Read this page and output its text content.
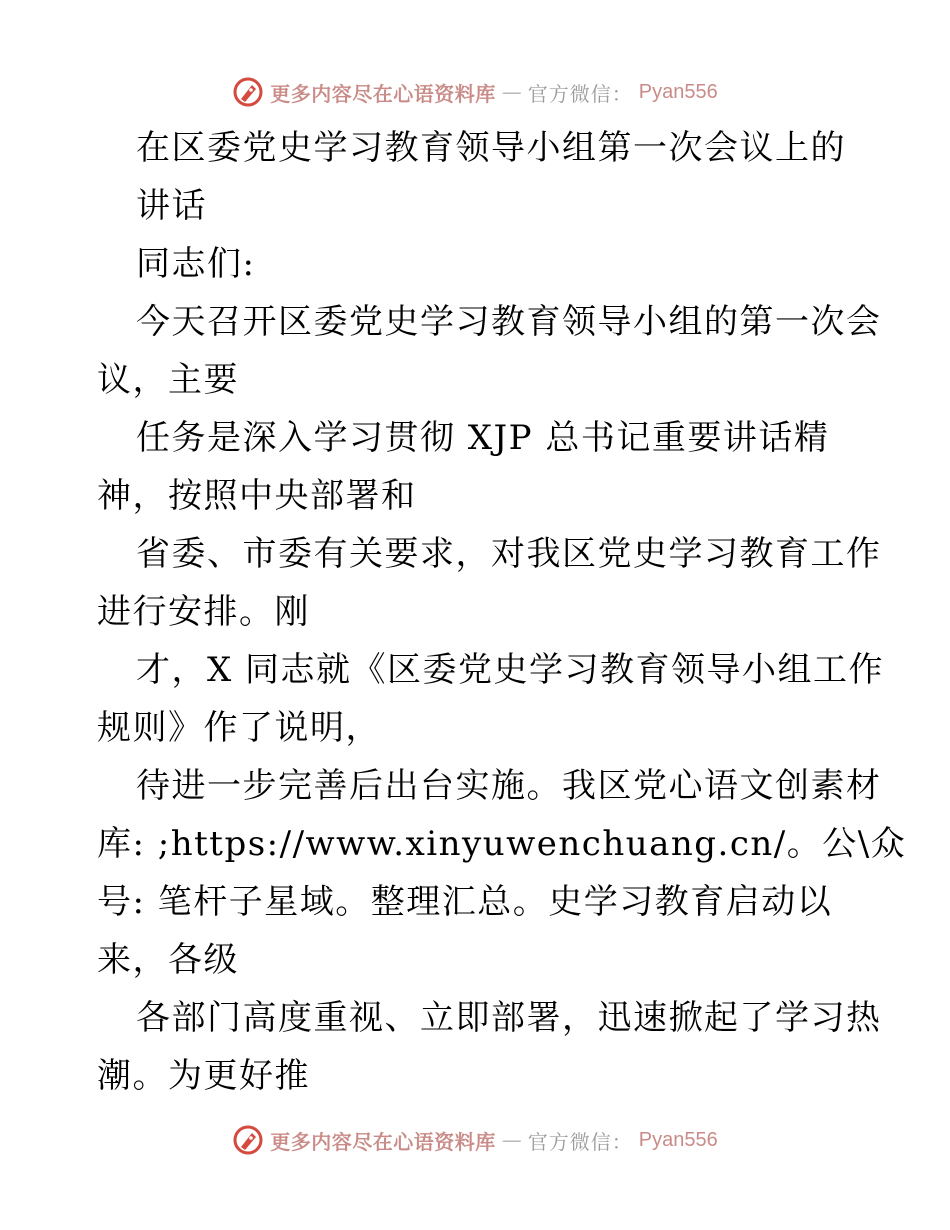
更多内容尽在心语资料库 — 官方微信： Pyan556
在区委党史学习教育领导小组第一次会议上的
讲话
同志们:
今天召开区委党史学习教育领导小组的第一次会
议，主要
任务是深入学习贯彻 XJP 总书记重要讲话精
神，按照中央部署和
省委、市委有关要求，对我区党史学习教育工作
进行安排。刚
才，X 同志就《区委党史学习教育领导小组工作
规则》作了说明，
待进一步完善后出台实施。我区党心语文创素材
库: ;https://www.xinyuwenchuang.cn/。公\众
号: 笔杆子星域。整理汇总。史学习教育启动以
来，各级
各部门高度重视、立即部署，迅速掀起了学习热
潮。为更好推
更多内容尽在心语资料库 — 官方微信： Pyan556
